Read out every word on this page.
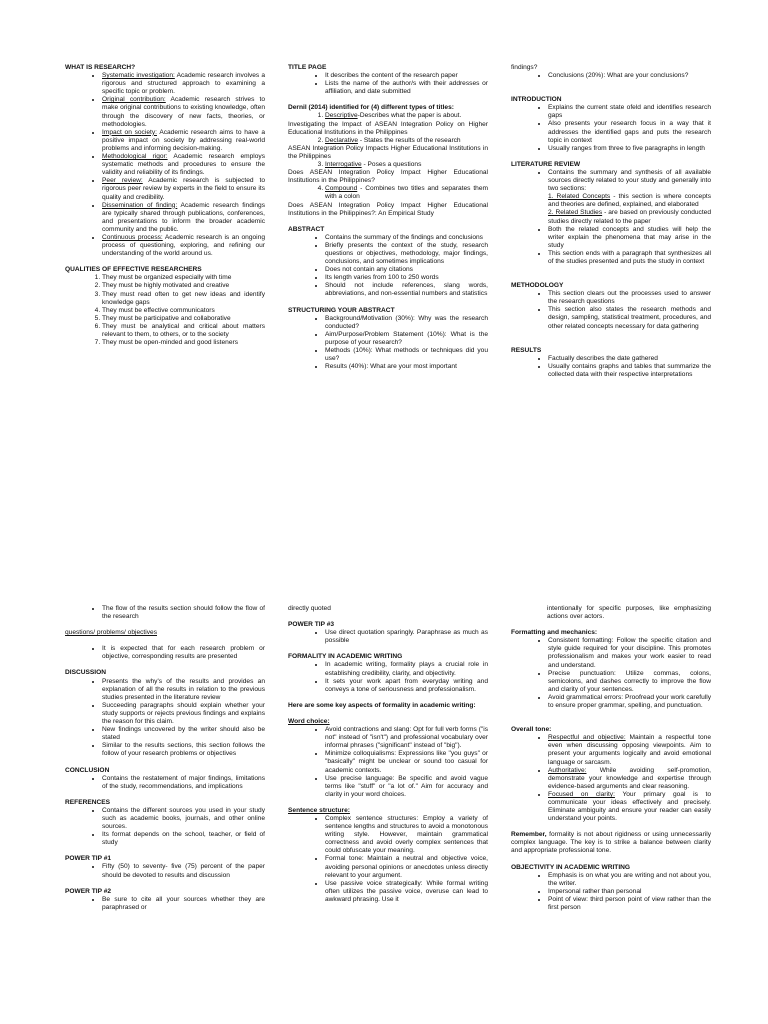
WHAT IS RESEARCH?

• Systematic investigation: Academic research involves a rigorous and structured approach to examining a specific topic or problem.
• Original contribution: Academic research strives to make original contributions to existing knowledge, often through the discovery of new facts, theories, or methodologies.
• Impact on society: Academic research aims to have a positive impact on society by addressing real-world problems and informing decision-making.
• Methodological rigor: Academic research employs systematic methods and procedures to ensure the validity and reliability of its findings.
• Peer review: Academic research is subjected to rigorous peer review by experts in the field to ensure its quality and credibility.
• Dissemination of finding: Academic research findings are typically shared through publications, conferences, and presentations to inform the broader academic community and the public.
• Continuous process: Academic research is an ongoing process of questioning, exploring, and refining our understanding of the world around us.

QUALITIES OF EFFECTIVE RESEARCHERS

1. They must be organized especially with time
2. They must be highly motivated and creative
3. They must read often to get new ideas and identify knowledge gaps
4. They must be effective communicators
5. They must be participative and collaborative
6. They must be analytical and critical about matters relevant to them, to others, or to the society
7. They must be open-minded and good listeners

TITLE PAGE

• It describes the content of the research paper
• Lists the name of the author/s with their addresses or affiliation, and date submitted

Dernil (2014) identified for (4) different types of titles:

1. Descriptive-Describes what the paper is about.

Investigating the Impact of ASEAN Integration Policy on Higher Educational Institutions in the Philippines

2. Declarative - States the results of the research

ASEAN Integration Policy Impacts Higher Educational Institutions in the Philippines

3. Interrogative - Poses a questions

Does ASEAN Integration Policy Impact Higher Educational Institutions in the Philippines?

4. Compound - Combines two titles and separates them with a colon

Does ASEAN Integration Policy Impact Higher Educational Institutions in the Philippines?: An Empirical Study

ABSTRACT

• Contains the summary of the findings and conclusions
• Briefly presents the context of the study, research questions or objectives, methodology, major findings, conclusions, and sometimes implications
• Does not contain any citations
• Its length varies from 100 to 250 words
• Should not include references, slang words, abbreviations, and non-essential numbers and statistics

STRUCTURING YOUR ABSTRACT

• Background/Motivation (30%): Why was the research conducted?
• Aim/Purpose/Problem Statement (10%): What is the purpose of your research?
• Methods (10%): What methods or techniques did you use?
• Results (40%): What are your most important

findings?

• Conclusions (20%): What are your conclusions?

INTRODUCTION

• Explains the current state ofeld and identifies research gaps
• Also presents your research focus in a way that it addresses the identified gaps and puts the research topic in context
• Usually ranges from three to five paragraphs in length

LITERATURE REVIEW

• Contains the summary and synthesis of all available sources directly related to your study and generally into two sections:
1. Related Concepts - this section is where concepts and theories are defined, explained, and elaborated
2. Related Studies - are based on previously conducted studies directly related to the paper
• Both the related concepts and studies will help the writer explain the phenomena that may arise in the study
• This section ends with a paragraph that synthesizes all of the studies presented and puts the study in context

METHODOLOGY

• This section clears out the processes used to answer the research questions
• This section also states the research methods and design, sampling, statistical treatment, procedures, and other related concepts necessary for data gathering

RESULTS

• Factually describes the date gathered
• Usually contains graphs and tables that summarize the collected data with their respective interpretations
• The flow of the results section should follow the flow of the research

questions/ problems/ objectives

• It is expected that for each research problem or objective, corresponding results are presented

DISCUSSION

• Presents the why's of the results and provides an explanation of all the results in relation to the previous studies presented in the literature review
• Succeeding paragraphs should explain whether your study supports or rejects previous findings and explains the reason for this claim.
• New findings uncovered by the writer should also be stated
• Similar to the results sections, this section follows the follow of your research problems or objectives

CONCLUSION

• Contains the restatement of major findings, limitations of the study, recommendations, and implications

REFERENCES

• Contains the different sources you used in your study such as academic books, journals, and other online sources.
• Its format depends on the school, teacher, or field of study

POWER TIP #1

• Fifty (50) to seventy- five (75) percent of the paper should be devoted to results and discussion

POWER TIP #2

• Be sure to cite all your sources whether they are paraphrased or

directly quoted

POWER TIP #3

• Use direct quotation sparingly. Paraphrase as much as possible

FORMALITY IN ACADEMIC WRITING

• In academic writing, formality plays a crucial role in establishing credibility, clarity, and objectivity.
• It sets your work apart from everyday writing and conveys a tone of seriousness and professionalism.

Here are some key aspects of formality in academic writing:

Word choice:

• Avoid contractions and slang: Opt for full verb forms ("is not" instead of "isn't") and professional vocabulary over informal phrases ("significant" instead of "big").
• Minimize colloquialisms: Expressions like "you guys" or "basically" might be unclear or sound too casual for academic contexts.
• Use precise language: Be specific and avoid vague terms like "stuff" or "a lot of." Aim for accuracy and clarity in your word choices.

Sentence structure:

• Complex sentence structures: Employ a variety of sentence lengths and structures to avoid a monotonous writing style. However, maintain grammatical correctness and avoid overly complex sentences that could obfuscate your meaning.
• Formal tone: Maintain a neutral and objective voice, avoiding personal opinions or anecdotes unless directly relevant to your argument.
• Use passive voice strategically: While formal writing often utilizes the passive voice, overuse can lead to awkward phrasing. Use it

intentionally for specific purposes, like emphasizing actions over actors.

Formatting and mechanics:

• Consistent formatting: Follow the specific citation and style guide required for your discipline. This promotes professionalism and makes your work easier to read and understand.
• Precise punctuation: Utilize commas, colons, semicolons, and dashes correctly to improve the flow and clarity of your sentences.
• Avoid grammatical errors: Proofread your work carefully to ensure proper grammar, spelling, and punctuation.

Overall tone:

• Respectful and objective: Maintain a respectful tone even when discussing opposing viewpoints. Aim to present your arguments logically and avoid emotional language or sarcasm.
• Authoritative: While avoiding self-promotion, demonstrate your knowledge and expertise through evidence-based arguments and clear reasoning.
• Focused on clarity: Your primary goal is to communicate your ideas effectively and precisely. Eliminate ambiguity and ensure your reader can easily understand your points.

Remember, formality is not about rigidness or using unnecessarily complex language. The key is to strike a balance between clarity and appropriate professional tone.

OBJECTIVITY IN ACADEMIC WRITING

• Emphasis is on what you are writing and not about you, the writer.
• Impersonal rather than personal
• Point of view: third person point of view rather than the first person
